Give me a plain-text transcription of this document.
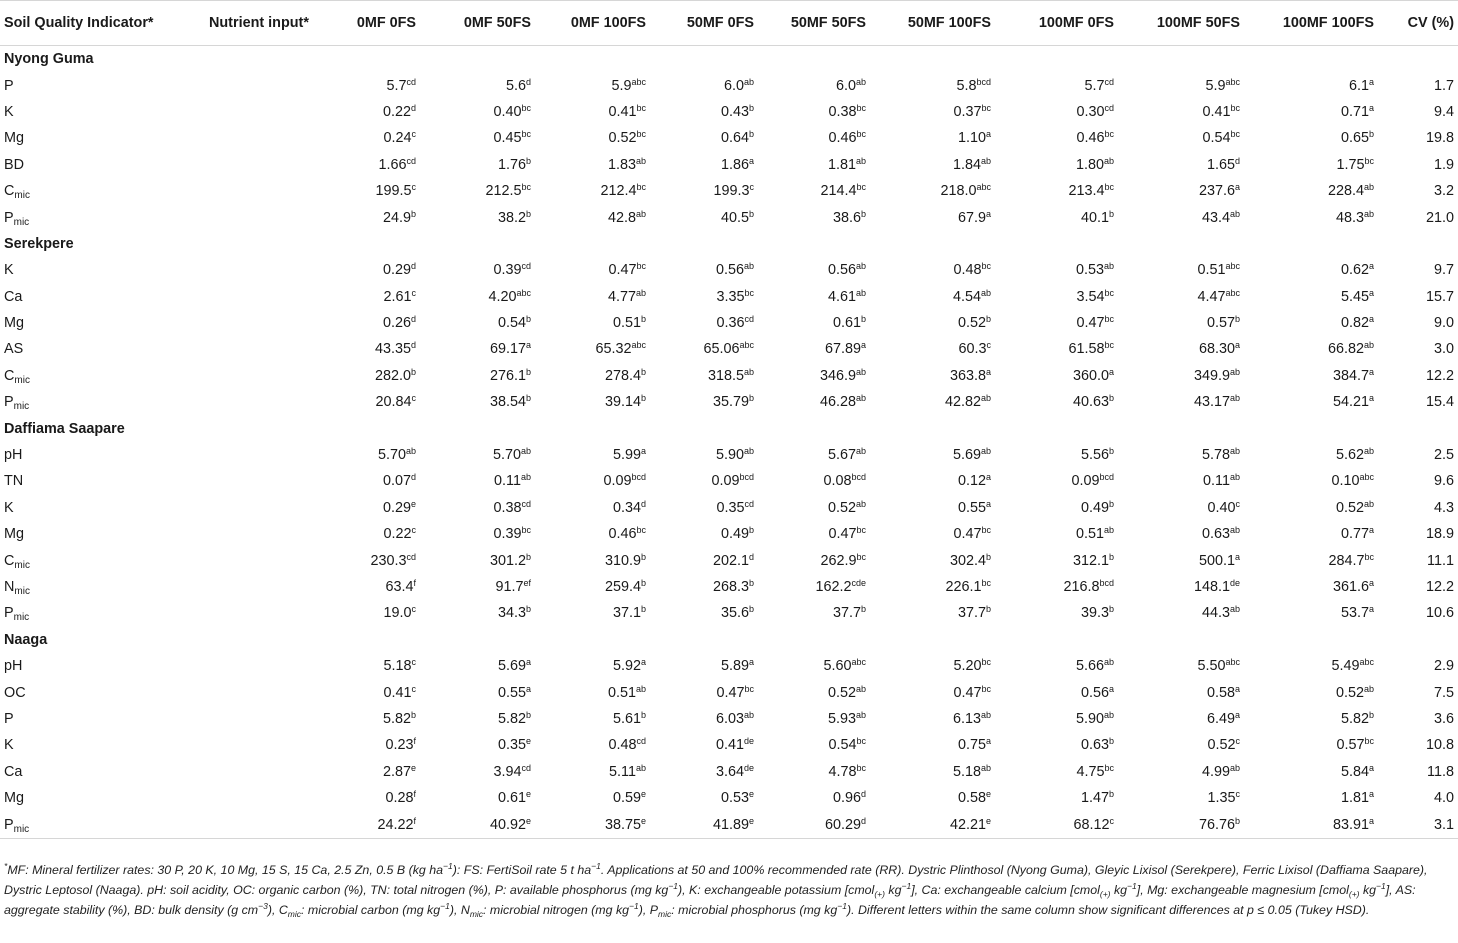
Soil Quality Indicator*	Nutrient input*	0MF 0FS	0MF 50FS	0MF 100FS	50MF 0FS	50MF 50FS	50MF 100FS	100MF 0FS	100MF 50FS	100MF 100FS	CV (%)
Nyong Guma											
P		5.7$^{cd}$	5.6$^d$	5.9$^{abc}$	6.0$^{ab}$	6.0$^{ab}$	5.8$^{bcd}$	5.7$^{cd}$	5.9$^{abc}$	6.1$^a$	1.7
K		0.22$^d$	0.40$^{bc}$	0.41$^{bc}$	0.43$^b$	0.38$^{bc}$	0.37$^{bc}$	0.30$^{cd}$	0.41$^{bc}$	0.71$^a$	9.4
Mg		0.24$^c$	0.45$^{bc}$	0.52$^{bc}$	0.64$^b$	0.46$^{bc}$	1.10$^a$	0.46$^{bc}$	0.54$^{bc}$	0.65$^b$	19.8
BD		1.66$^{cd}$	1.76$^b$	1.83$^{ab}$	1.86$^a$	1.81$^{ab}$	1.84$^{ab}$	1.80$^{ab}$	1.65$^d$	1.75$^{bc}$	1.9
$C_{mic}$		199.5$^c$	212.5$^{bc}$	212.4$^{bc}$	199.3$^c$	214.4$^{bc}$	218.0$^{abc}$	213.4$^{bc}$	237.6$^a$	228.4$^{ab}$	3.2
$P_{mic}$		24.9$^b$	38.2$^b$	42.8$^{ab}$	40.5$^b$	38.6$^b$	67.9$^a$	40.1$^b$	43.4$^{ab}$	48.3$^{ab}$	21.0
Serekpere											
K		0.29$^d$	0.39$^{cd}$	0.47$^{bc}$	0.56$^{ab}$	0.56$^{ab}$	0.48$^{bc}$	0.53$^{ab}$	0.51$^{abc}$	0.62$^a$	9.7
Ca		2.61$^c$	4.20$^{abc}$	4.77$^{ab}$	3.35$^{bc}$	4.61$^{ab}$	4.54$^{ab}$	3.54$^{bc}$	4.47$^{abc}$	5.45$^a$	15.7
Mg		0.26$^d$	0.54$^b$	0.51$^b$	0.36$^{cd}$	0.61$^b$	0.52$^b$	0.47$^{bc}$	0.57$^b$	0.82$^a$	9.0
AS		43.35$^d$	69.17$^a$	65.32$^{abc}$	65.06$^{abc}$	67.89$^a$	60.3$^c$	61.58$^{bc}$	68.30$^a$	66.82$^{ab}$	3.0
$C_{mic}$		282.0$^b$	276.1$^b$	278.4$^b$	318.5$^{ab}$	346.9$^{ab}$	363.8$^a$	360.0$^a$	349.9$^{ab}$	384.7$^a$	12.2
$P_{mic}$		20.84$^c$	38.54$^b$	39.14$^b$	35.79$^b$	46.28$^{ab}$	42.82$^{ab}$	40.63$^b$	43.17$^{ab}$	54.21$^a$	15.4
Daffiama Saapare											
pH		5.70$^{ab}$	5.70$^{ab}$	5.99$^a$	5.90$^{ab}$	5.67$^{ab}$	5.69$^{ab}$	5.56$^b$	5.78$^{ab}$	5.62$^{ab}$	2.5
TN		0.07$^d$	0.11$^{ab}$	0.09$^{bcd}$	0.09$^{bcd}$	0.08$^{bcd}$	0.12$^a$	0.09$^{bcd}$	0.11$^{ab}$	0.10$^{abc}$	9.6
K		0.29e	0.38$^{cd}$	0.34$^d$	0.35$^{cd}$	0.52$^{ab}$	0.55$^a$	0.49$^b$	0.40$^c$	0.52$^{ab}$	4.3
Mg		0.22$^c$	0.39$^{bc}$	0.46$^{bc}$	0.49$^b$	0.47$^{bc}$	0.47$^{bc}$	0.51$^{ab}$	0.63$^{ab}$	0.77$^a$	18.9
$C_{mic}$		230.3$^{cd}$	301.2$^b$	310.9$^b$	202.1$^d$	262.9$^{bc}$	302.4$^b$	312.1$^b$	500.1$^a$	284.7$^{bc}$	11.1
$N_{mic}$		63.4$^f$	91.7$^{ef}$	259.4$^b$	268.3$^b$	162.2$^{cde}$	226.1$^{bc}$	216.8$^{bcd}$	148.1de	361.6$^a$	12.2
$P_{mic}$		19.0$^c$	34.3$^b$	37.1$^b$	35.6$^b$	37.7$^b$	37.7$^b$	39.3$^b$	44.3$^{ab}$	53.7$^a$	10.6
Naaga											
pH		5.18$^c$	5.69$^a$	5.92$^a$	5.89$^a$	5.60$^{abc}$	5.20$^{bc}$	5.66$^{ab}$	5.50$^{abc}$	5.49$^{abc}$	2.9
OC		0.41$^c$	0.55$^a$	0.51$^{ab}$	0.47$^{bc}$	0.52$^{ab}$	0.47$^{bc}$	0.56$^a$	0.58$^a$	0.52$^{ab}$	7.5
P		5.82$^b$	5.82$^b$	5.61$^b$	6.03$^{ab}$	5.93$^{ab}$	6.13$^{ab}$	5.90$^{ab}$	6.49$^a$	5.82$^b$	3.6
K		0.23$^f$	0.35e	0.48$^{cd}$	0.41de	0.54$^{bc}$	0.75$^a$	0.63$^b$	0.52$^c$	0.57$^{bc}$	10.8
Ca		2.87e	3.94$^{cd}$	5.11$^{ab}$	3.64de	4.78$^{bc}$	5.18$^{ab}$	4.75$^{bc}$	4.99$^{ab}$	5.84$^a$	11.8
Mg		0.28$^f$	0.61e	0.59e	0.53e	0.96$^d$	0.58e	1.47$^b$	1.35$^c$	1.81$^a$	4.0
$P_{mic}$		24.22$^f$	40.92e	38.75e	41.89e	60.29$^d$	42.21e	68.12$^c$	76.76$^b$	83.91$^a$	3.1
*MF: Mineral fertilizer rates: 30 P, 20 K, 10 Mg, 15 S, 15 Ca, 2.5 Zn, 0.5 B (kg $ha^{-1}$): FS: FertiSoil rate 5 t $ha^{-1}$. Applications at 50 and 100% recommended rate (RR). Dystric Plinthosol (Nyong Guma), Gleyic Lixisol (Serekpere), Ferric Lixisol (Daffiama Saapare), Dystric Leptosol (Naaga). pH: soil acidity, OC: organic carbon (%), TN: total nitrogen (%), P: available phosphorus (mg $kg^{-1}$), K: exchangeable potassium [cmol$_{(+)}$ $kg^{-1}$], Ca: exchangeable calcium [cmol$_{(+)}$ $kg^{-1}$], Mg: exchangeable magnesium [cmol$_{(+)}$ $kg^{-1}$], AS: aggregate stability (%), BD: bulk density (g $cm^{-3}$), $C_{mic}$: microbial carbon (mg $kg^{-1}$), $N_{mic}$: microbial nitrogen (mg $kg^{-1}$), $P_{mic}$: microbial phosphorus (mg $kg^{-1}$). Different letters within the same column show significant differences at p ≤ 0.05 (Tukey HSD).
